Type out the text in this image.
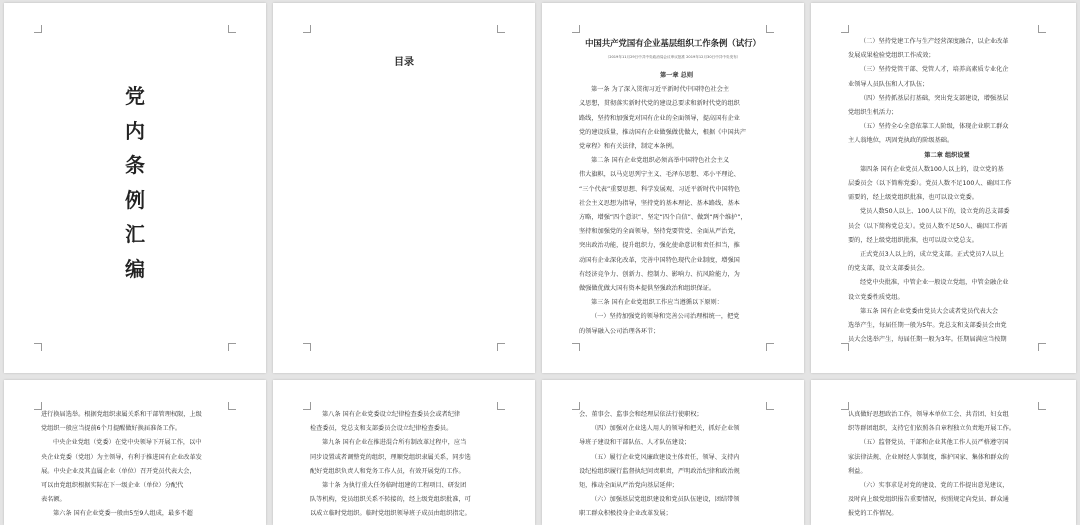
党
内
条
例
汇
编
目录
中国共产党国有企业基层组织工作条例（试行）
（2019年11月29日中共中央政治局会议审议批准 2019年12月30日中共中央发布）

第一章 总则

第一条 为了深入贯彻习近平新时代中国特色社会主

义思想，贯彻落实新时代党的建设总要求和新时代党的组织

路线，坚持和加强党对国有企业的全面领导，提高国有企业

党的建设质量，推动国有企业做强做优做大，根据《中国共产

党章程》和有关法律，制定本条例。

第二条 国有企业党组织必须高举中国特色社会主义

伟大旗帜，以马克思列宁主义、毛泽东思想、邓小平理论、

“三个代表”重要思想、科学发展观、习近平新时代中国特色

社会主义思想为指导，坚持党的基本理论、基本路线、基本

方略，增强“四个意识”、坚定“四个自信”、做到“两个维护”，

坚持和加强党的全面领导，坚持党要管党、全面从严治党，

突出政治功能，提升组织力，强化使命意识和责任担当，推

动国有企业深化改革，完善中国特色现代企业制度，增强国

有经济竞争力、创新力、控制力、影响力、抗风险能力，为

做强做优做大国有资本提供坚强政治和组织保证。

第三条 国有企业党组织工作应当遵循以下原则：

（一）坚持加强党的领导和完善公司治理相统一，把党

的领导融入公司治理各环节；

（二）坚持党建工作与生产经营深度融合，以企业改革

发展成果检验党组织工作成效；

（三）坚持党管干部、党管人才，培养高素质专业化企

业领导人员队伍和人才队伍；

（四）坚持抓基层打基础，突出党支部建设，增强基层

党组织生机活力；

（五）坚持全心全意依靠工人阶级，体现企业职工群众

主人翁地位，巩固党执政的阶级基础。

第二章 组织设置

第四条 国有企业党员人数100人以上的，设立党的基

层委员会（以下简称党委）。党员人数不足100人、确因工作

需要的，经上级党组织批准，也可以设立党委。

党员人数50人以上、100人以下的，设立党的总支部委

员会（以下简称党总支）。党员人数不足50人、确因工作需

要的，经上级党组织批准，也可以设立党总支。

正式党员3人以上的，成立党支部。正式党员7人以上

的党支部，设立支部委员会。

经党中央批准，中管企业一般设立党组，中管金融企业

设立党委性质党组。

第五条 国有企业党委由党员大会或者党员代表大会

选举产生，每届任期一般为5年。党总支和支部委员会由党

员大会选举产生，每届任期一般为3年。任期届满应当按期

进行换届选举。根据党组织隶属关系和干部管理权限，上级

党组织一般应当提前6个月提醒做好换届准备工作。

中央企业党组（党委）在党中央领导下开展工作，以中

央企业党委（党组）为主领导，有利于推进国有企业改革发

展。中央企业及其直属企业（单位）召开党员代表大会，

可以由党组织根据实际在下一级企业（单位）分配代

表名额。

第六条 国有企业党委一般由5至9人组成，最多不超

第八条 国有企业党委设立纪律检查委员会或者纪律

检查委员，党总支和支部委员会设立纪律检查委员。

第九条 国有企业在推进混合所有制改革过程中，应当

同步设置或者调整党的组织，理顺党组织隶属关系，同步选

配好党组织负责人和党务工作人员，有效开展党的工作。

第十条 为执行重大任务临时组建的工程项目、研发团

队等机构，党员组织关系不转接的，经上级党组织批准，可

以成立临时党组织。临时党组织领导班子成员由组织指定。

会、董事会、监事会和经理层依法行使职权；

（四）加强对企业选人用人的领导和把关，抓好企业领

导班子建设和干部队伍、人才队伍建设；

（五）履行企业党风廉政建设主体责任，领导、支持内

设纪检组织履行监督执纪问责职责，严明政治纪律和政治规

矩，推动全面从严治党向基层延伸；

（六）加强基层党组织建设和党员队伍建设，团结带领

职工群众积极投身企业改革发展；

认真做好思想政治工作，领导本单位工会、共青团、妇女组

织等群团组织，支持它们依照各自章程独立负责地开展工作。

（五）监督党员、干部和企业其他工作人员严格遵守国

家法律法规、企业财经人事制度，维护国家、集体和群众的

利益。

（六）实事求是对党的建设、党的工作提出意见建议，

及时向上级党组织报告重要情况，按照规定向党员、群众通

报党的工作情况。
